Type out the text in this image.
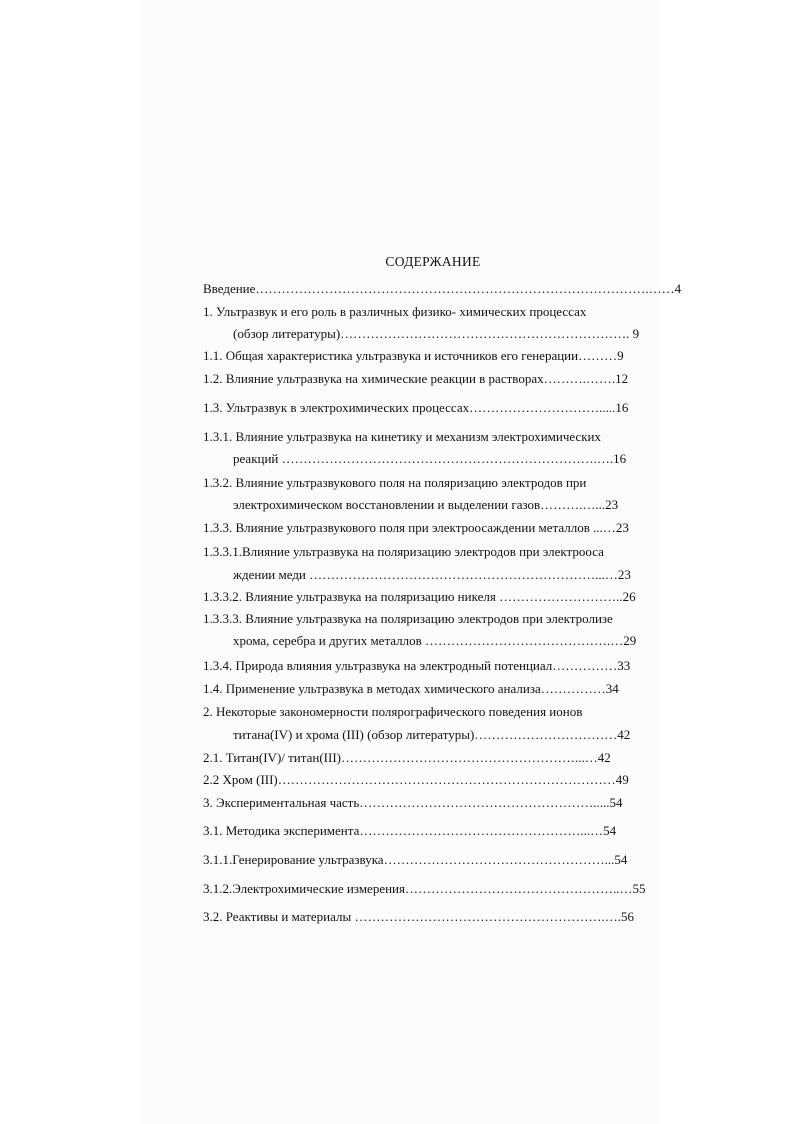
СОДЕРЖАНИЕ
Введение……………………………………………………………………………….……4
1. Ультразвук и его роль в различных физико- химических процессах
(обзор литературы)…………………………………………………………. 9
1.1. Общая характеристика ультразвука и источников его генерации………9
1.2. Влияние ультразвука на химические реакции в растворах……….…….12
1.3. Ультразвук в электрохимических процессах………………………….....16
1.3.1. Влияние ультразвука на кинетику и механизм электрохимических
реакций ……………………………………………………………….….16
1.3.2. Влияние ультразвукового поля на поляризацию электродов при
электрохимическом восстановлении и выделении газов……….…...23
1.3.3. Влияние ультразвукового поля при электроосаждении металлов ...…23
1.3.3.1.Влияние ультразвука на поляризацию электродов при электрооса
ждении меди …………………………………………………………...…23
1.3.3.2. Влияние ультразвука на поляризацию никеля ………………………..26
1.3.3.3. Влияние ультразвука на поляризацию электродов при электролизе
хрома, серебра и других металлов …………………………………….…29
1.3.4. Природа влияния ультразвука на электродный потенциал……………33
1.4. Применение ультразвука в методах химического анализа……………34
2. Некоторые закономерности полярографического поведения ионов
титана(IV) и хрома (III) (обзор литературы)……………………………42
2.1. Титан(IV)/ титан(III)………………………………………………...…42
2.2 Хром (III)……………………………………………………………………49
3. Экспериментальная часть……………………………………………….....54
3.1. Методика эксперимента……………………………………………...…54
3.1.1.Генерирование ультразвука……………………………………………...54
3.1.2.Электрохимические измерения…………………………………………..…55
3.2. Реактивы и материалы ………………………………………………….….56
